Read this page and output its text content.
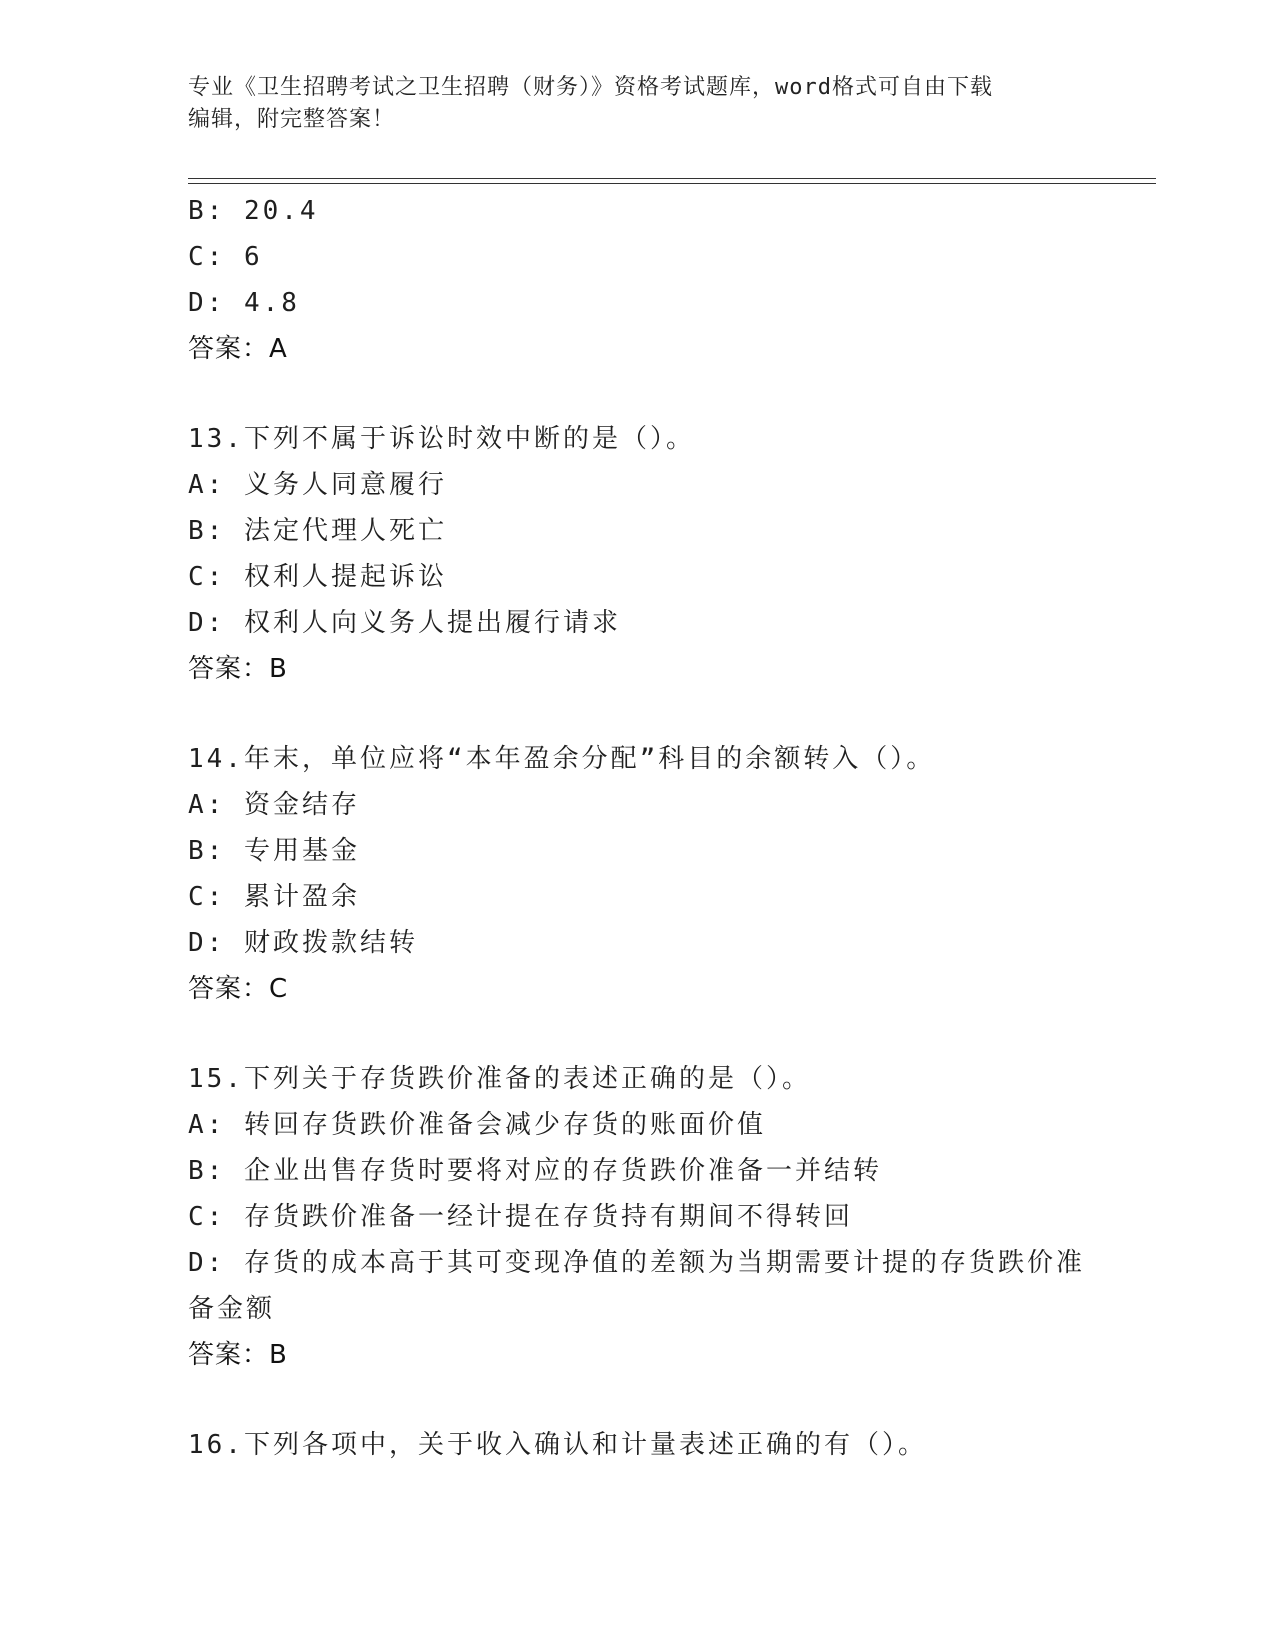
专业《卫生招聘考试之卫生招聘（财务）》资格考试题库，word格式可自由下载
编辑，附完整答案！
B: 20.4
C: 6
D: 4.8
答案：A
13.下列不属于诉讼时效中断的是（）。
A: 义务人同意履行
B: 法定代理人死亡
C: 权利人提起诉讼
D: 权利人向义务人提出履行请求
答案：B
14.年末，单位应将“本年盈余分配”科目的余额转入（）。
A: 资金结存
B: 专用基金
C: 累计盈余
D: 财政拨款结转
答案：C
15.下列关于存货跌价准备的表述正确的是（）。
A: 转回存货跌价准备会减少存货的账面价值
B: 企业出售存货时要将对应的存货跌价准备一并结转
C: 存货跌价准备一经计提在存货持有期间不得转回
D: 存货的成本高于其可变现净值的差额为当期需要计提的存货跌价准
备金额
答案：B
16.下列各项中，关于收入确认和计量表述正确的有（）。
